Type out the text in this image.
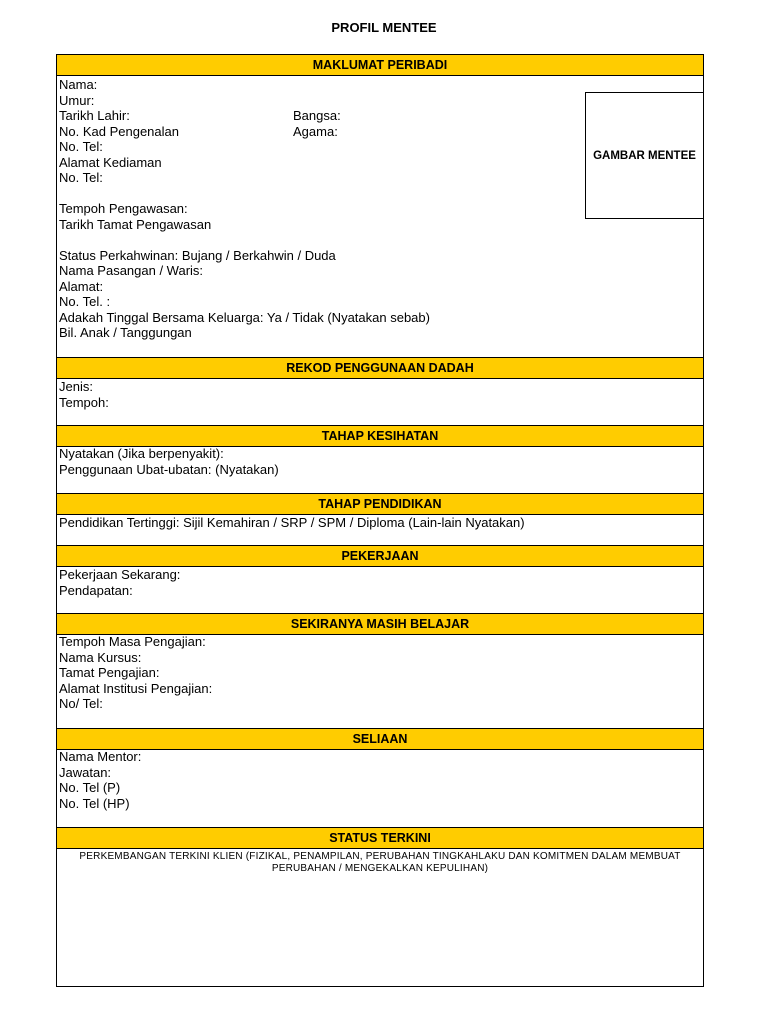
PROFIL MENTEE
MAKLUMAT PERIBADI
Nama:
Umur:
Tarikh Lahir:	Bangsa:
No. Kad Pengenalan	Agama:
No. Tel:
Alamat Kediaman
No. Tel:
Tempoh Pengawasan:
Tarikh Tamat Pengawasan
Status Perkahwinan: Bujang / Berkahwin / Duda
Nama Pasangan / Waris:
Alamat:
No. Tel. :
Adakah Tinggal Bersama Keluarga: Ya / Tidak (Nyatakan sebab)
Bil. Anak / Tanggungan
GAMBAR MENTEE
REKOD PENGGUNAAN DADAH
Jenis:
Tempoh:
TAHAP KESIHATAN
Nyatakan (Jika berpenyakit):
Penggunaan Ubat-ubatan: (Nyatakan)
TAHAP PENDIDIKAN
Pendidikan Tertinggi: Sijil Kemahiran / SRP / SPM / Diploma (Lain-lain Nyatakan)
PEKERJAAN
Pekerjaan Sekarang:
Pendapatan:
SEKIRANYA MASIH BELAJAR
Tempoh Masa Pengajian:
Nama Kursus:
Tamat Pengajian:
Alamat Institusi Pengajian:
No/ Tel:
SELIAAN
Nama Mentor:
Jawatan:
No. Tel (P)
No. Tel (HP)
STATUS TERKINI
PERKEMBANGAN TERKINI KLIEN (FIZIKAL, PENAMPILAN, PERUBAHAN TINGKAHLAKU DAN KOMITMEN DALAM MEMBUAT
PERUBAHAN / MENGEKALKAN KEPULIHAN)
